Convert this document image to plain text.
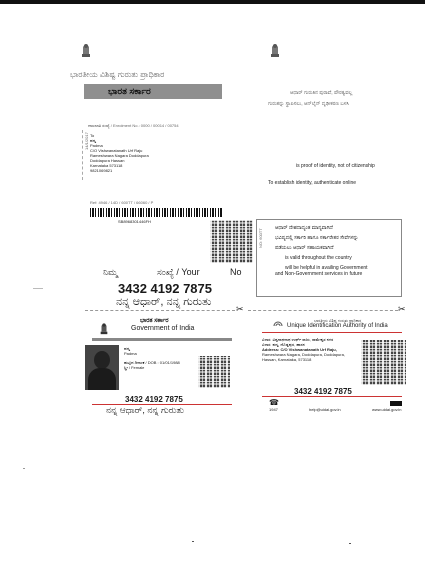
ಭಾರತೀಯ ವಿಶಿಷ್ಟ ಗುರುತು ಪ್ರಾಧಿಕಾರ
ಭಾರತ ಸರ್ಕಾರ
ದಾಖಲಾತಿ ಸಂಖ್ಯೆ / Enrolment No.: 0000 / 00014 / 00754
14/1/2017 To
ಪದ್ಮ
Padma
C/O Vishwanatanath Urf Raju
Rameshwara Nagara Doddapura
Doddapura Hassan
Karnataka 573118
9821069821
Ref: 4946 / 14D / 600TT / 66060 / P
SB8968301446FH
ನಿಮ್ಮ	ಸಂಖ್ಯೆ / Your	No
3432 4192 7875
ನನ್ನ ಆಧಾರ್, ನನ್ನ ಗುರುತು
ಆಧಾರ್ ಗುರುತಿನ ಪುರಾವೆ, ಪೌರತ್ವವಲ್ಲ
ಗುರುತನ್ನು ಸ್ಥಾಪಿಸಲು, ಆನ್‌ಲೈನ್ ದೃಢೀಕರಣ ಬಳಸಿ
is proof of identity, not of citizenship
To establish identity, authenticate online
NO: 600TT
ಆಧಾರ್ ದೇಶದಾದ್ಯಂತ ಮಾನ್ಯವಾಗಿದೆ
ಭವಿಷ್ಯದಲ್ಲಿ ಸರ್ಕಾರಿ ಹಾಗೂ ಸರ್ಕಾರೇತರ ಸೇವೆಗಳನ್ನು
ಪಡೆಯಲು ಆಧಾರ್ ಸಹಾಯಕವಾಗಿದೆ
is valid throughout the country
will be helpful in availing Government
and Non-Government services in future
✂	✂
ಭಾರತ ಸರ್ಕಾರ
Government of India
ಪದ್ಮ
Padma
ಹುಟ್ಟಿದ ದಿನಾಂಕ / DOB : 01/01/1988
ಸ್ತ್ರೀ / Female
3432 4192 7875
ನನ್ನ ಆಧಾರ್, ನನ್ನ ಗುರುತು
ಭಾರತೀಯ ವಿಶಿಷ್ಟ ಗುರುತು ಪ್ರಾಧಿಕಾರ
Unique Identification Authority of India
ವಿಳಾಸ: ವಿಶ್ವನಾಥನಾಥ ಉರ್ಫ್ ರಾಜು, ರಾಮೇಶ್ವರ ನಗರ
ವಿಳಾಸ: ಪದ್ಮ, ದೊಡ್ಡಪುರ, ಹಾಸನ
Address: C/O Vishwanatanath Urf Raju,
Rameshwara Nagara, Doddapura, Doddapura,
Hassan, Karnataka, 573118
3432 4192 7875
☎
1947	help@uidai.gov.in	www.uidai.gov.in
